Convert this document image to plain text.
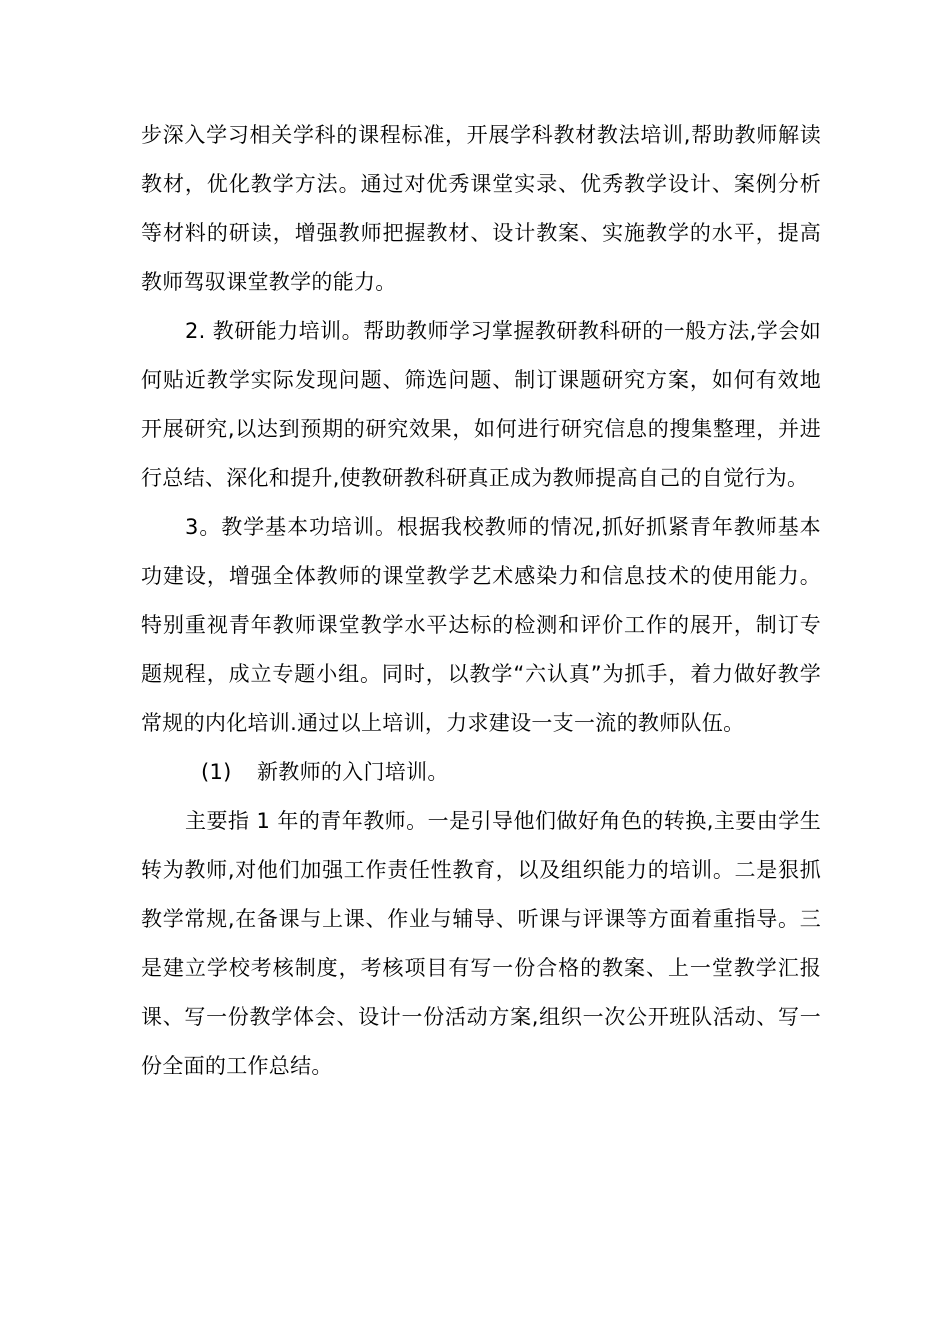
步深入学习相关学科的课程标准，开展学科教材教法培训,帮助教师解读教材，优化教学方法。通过对优秀课堂实录、优秀教学设计、案例分析等材料的研读，增强教师把握教材、设计教案、实施教学的水平，提高教师驾驭课堂教学的能力。

2. 教研能力培训。帮助教师学习掌握教研教科研的一般方法,学会如何贴近教学实际发现问题、筛选问题、制订课题研究方案，如何有效地开展研究,以达到预期的研究效果，如何进行研究信息的搜集整理，并进行总结、深化和提升,使教研教科研真正成为教师提高自己的自觉行为。

3。教学基本功培训。根据我校教师的情况,抓好抓紧青年教师基本功建设，增强全体教师的课堂教学艺术感染力和信息技术的使用能力。特别重视青年教师课堂教学水平达标的检测和评价工作的展开，制订专题规程，成立专题小组。同时，以教学“六认真”为抓手，着力做好教学常规的内化培训.通过以上培训，力求建设一支一流的教师队伍。

(1) 新教师的入门培训。

主要指 1 年的青年教师。一是引导他们做好角色的转换,主要由学生转为教师,对他们加强工作责任性教育，以及组织能力的培训。二是狠抓教学常规,在备课与上课、作业与辅导、听课与评课等方面着重指导。三是建立学校考核制度，考核项目有写一份合格的教案、上一堂教学汇报课、写一份教学体会、设计一份活动方案,组织一次公开班队活动、写一份全面的工作总结。
